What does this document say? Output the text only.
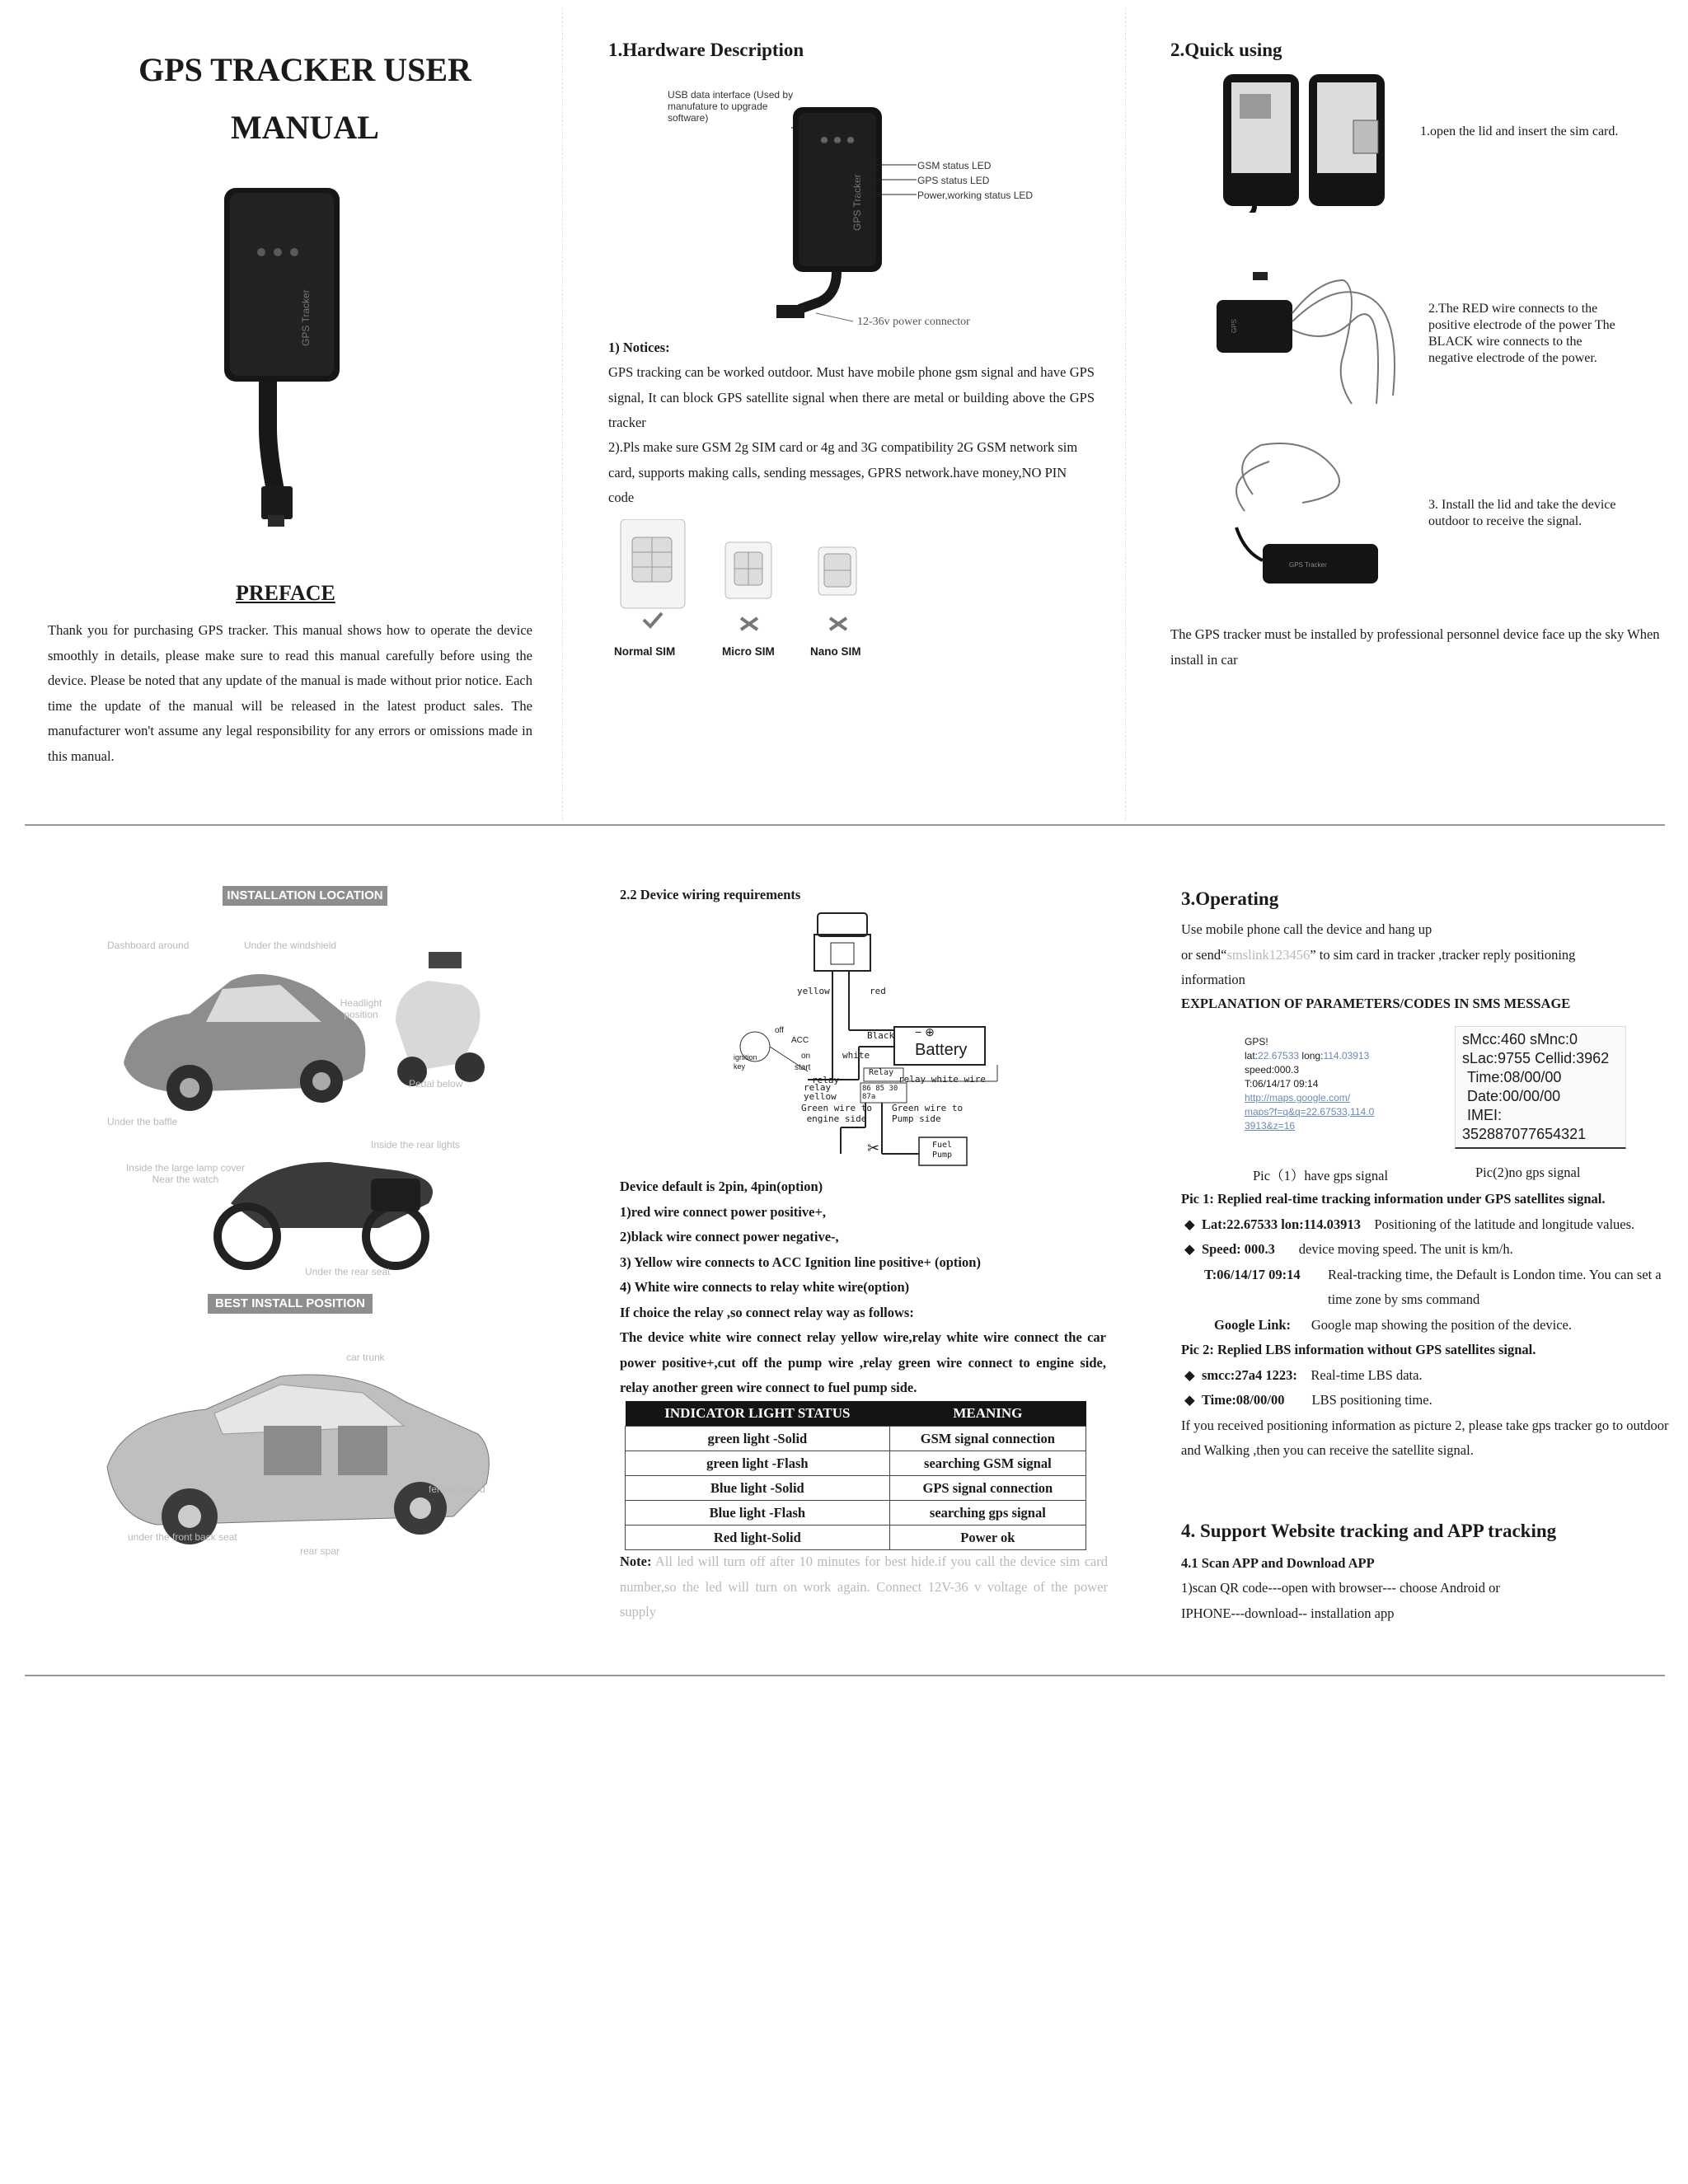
GPS TRACKER USER
MANUAL
GPS Tracker
PREFACE
Thank you for purchasing GPS tracker. This manual shows how to operate the device smoothly in details, please make sure to read this manual carefully before using the device. Please be noted that any update of the manual is made without prior notice. Each time the update of the manual will be released in the latest product sales. The manufacturer won't assume any legal responsibility for any errors or omissions made in this manual.
1.Hardware Description
USB data interface (Used by manufature to upgrade software)
GPS Tracker
GSM status LED
GPS status LED
Power,working status LED
12-36v power connector
1) Notices:
GPS tracking can be worked outdoor. Must have mobile phone gsm signal and have GPS signal, It can block GPS satellite signal when there are metal or building above the GPS tracker
2).Pls make sure GSM 2g SIM card or 4g and 3G compatibility 2G GSM network sim card, supports making calls, sending messages, GPRS network.have money,NO PIN code
Normal SIM	Micro SIM	Nano SIM
2.Quick using
1.open the lid and insert the sim card.
GPS
2.The RED wire connects to the positive electrode of the power The BLACK wire connects to the negative electrode of the power.
GPS Tracker
3. Install the lid and take the device outdoor to receive the signal.
The GPS tracker must be installed by professional personnel device face up the sky When install in car
INSTALLATION LOCATION
Dashboard around	Under the windshield
Headlight position
Under the baffle
Pedal below
Inside the rear lights
Inside the large lamp cover Near the watch
Under the rear seat
BEST INSTALL POSITION
car trunk
fender-guard
under the front back seat
rear spar
2.2 Device wiring requirements
yellow	red
Black
white	Battery
− ⊕
off
ACC
on
start
ignition key
relay
relay yellow
Relay
relay white wire
86 85 30 87a
Green wire to engine side
Green wire to Pump side
Fuel Pump
✂
Device default is 2pin, 4pin(option)
1)red wire connect power positive+,
2)black wire connect power negative-,
3) Yellow wire connects to ACC Ignition line positive+ (option)
4) White wire connects to relay white wire(option)
If choice the relay ,so connect relay way as follows:
The device white wire connect relay yellow wire,relay white wire connect the car power positive+,cut off the pump wire ,relay green wire connect to engine side, relay another green wire connect to fuel pump side.
INDICATOR LIGHT STATUS	MEANING
green light -Solid	GSM signal connection
green light -Flash	searching GSM signal
Blue light -Solid	GPS signal connection
Blue light -Flash	searching gps signal
Red light-Solid	Power ok
Note: All led will turn off after 10 minutes for best hide.if you call the device sim card number,so the led will turn on work again. Connect 12V-36 v voltage of the power supply
3.Operating
Use mobile phone call the device and hang up
or send“smslink123456” to sim card in tracker ,tracker reply positioning
information
EXPLANATION OF PARAMETERS/CODES IN SMS MESSAGE
GPS!
lat:22.67533 long:114.03913
speed:000.3
T:06/14/17 09:14
http://maps.google.com/
maps?f=q&q=22.67533,114.0
3913&z=16
sMcc:460 sMnc:0
sLac:9755 Cellid:3962
Time:08/00/00
Date:00/00/00
IMEI:
352887077654321
Pic（1）have gps signal	Pic(2)no gps signal
Pic 1: Replied real-time tracking information under GPS satellites signal.
◆ Lat:22.67533 lon:114.03913 Positioning of the latitude and longitude values.
◆ Speed: 000.3 device moving speed. The unit is km/h.
T:06/14/17 09:14	Real-tracking time, the Default is London time. You can set a time zone by sms command
Google Link: Google map showing the position of the device.
Pic 2: Replied LBS information without GPS satellites signal.
◆ smcc:27a4 1223: Real-time LBS data.
◆ Time:08/00/00 LBS positioning time.
If you received positioning information as picture 2, please take gps tracker go to outdoor and Walking ,then you can receive the satellite signal.
4. Support Website tracking and APP tracking
4.1 Scan APP and Download APP
1)scan QR code---open with browser--- choose Android or
IPHONE---download-- installation app
